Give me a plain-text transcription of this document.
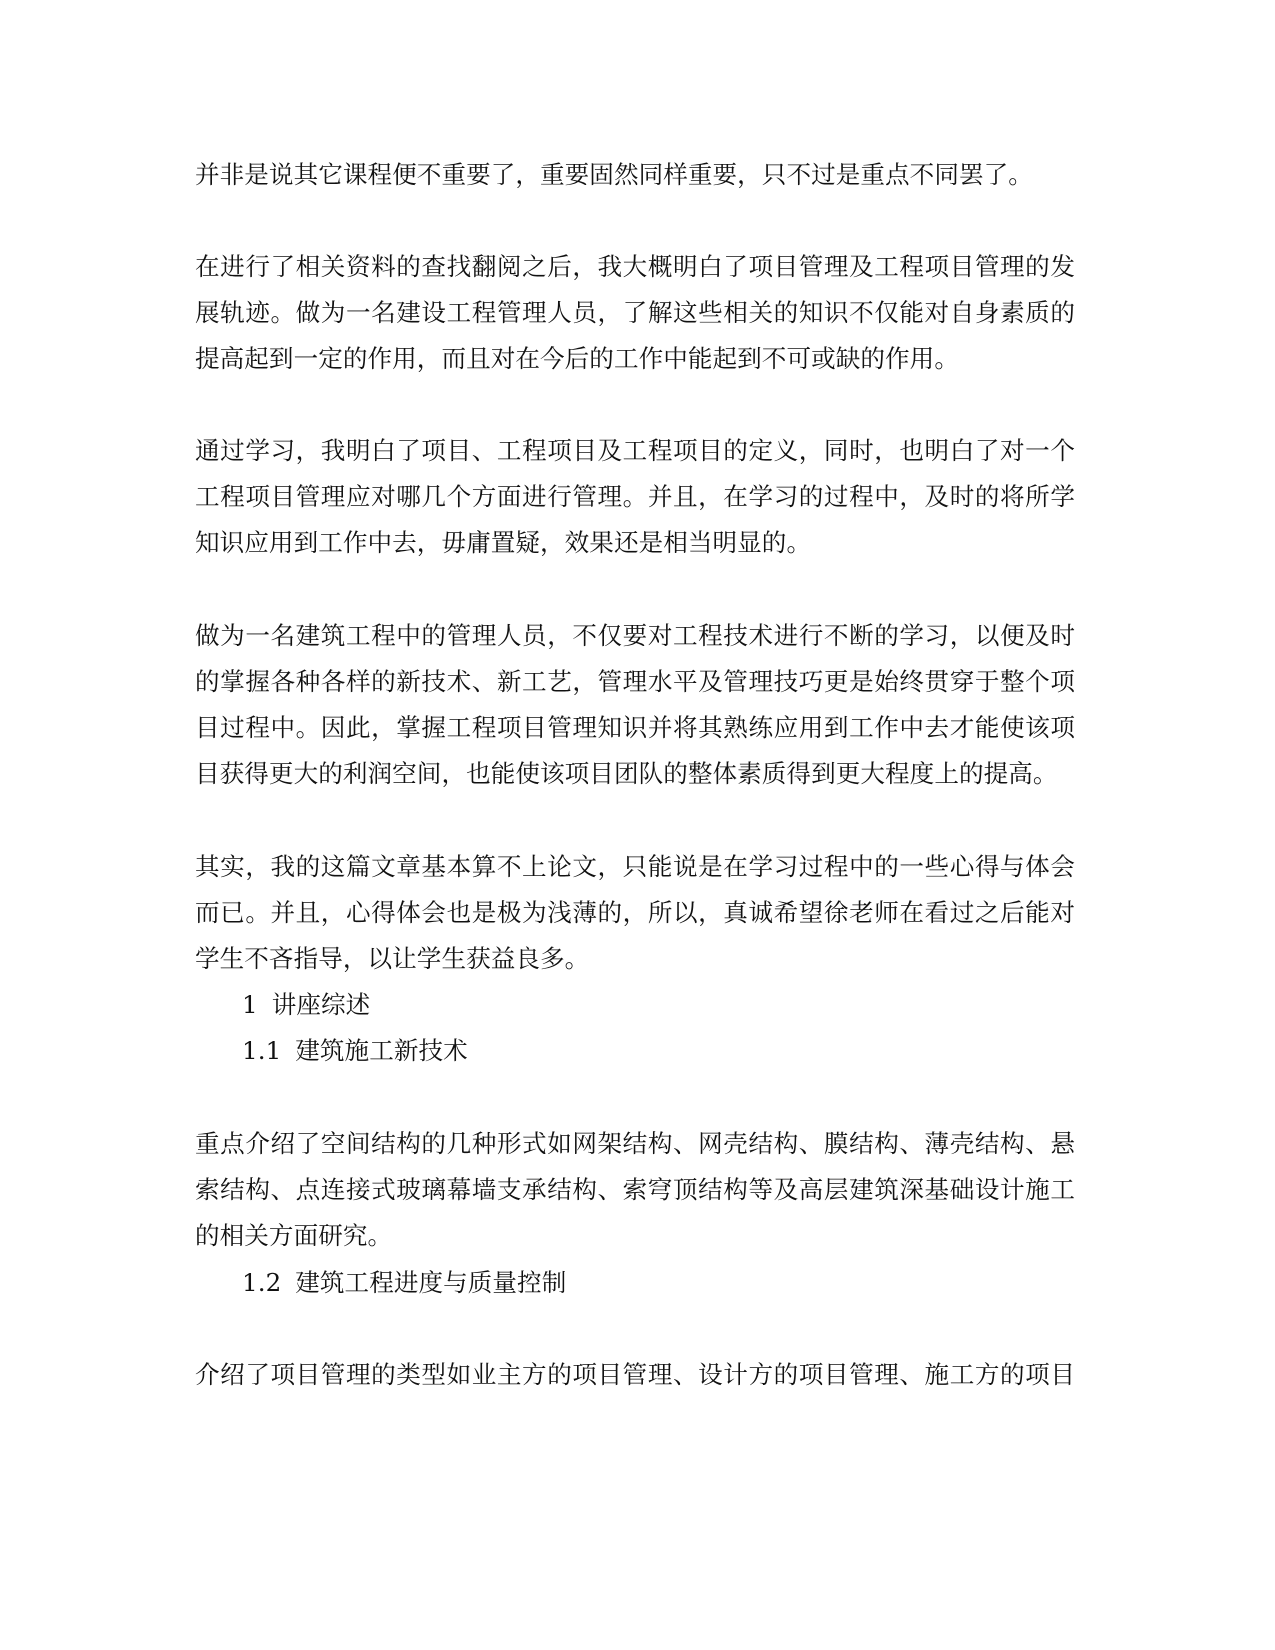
并非是说其它课程便不重要了，重要固然同样重要，只不过是重点不同罢了。
在进行了相关资料的查找翻阅之后，我大概明白了项目管理及工程项目管理的发
展轨迹。做为一名建设工程管理人员，了解这些相关的知识不仅能对自身素质的
提高起到一定的作用，而且对在今后的工作中能起到不可或缺的作用。
通过学习，我明白了项目、工程项目及工程项目的定义，同时，也明白了对一个
工程项目管理应对哪几个方面进行管理。并且，在学习的过程中，及时的将所学
知识应用到工作中去，毋庸置疑，效果还是相当明显的。
做为一名建筑工程中的管理人员，不仅要对工程技术进行不断的学习，以便及时
的掌握各种各样的新技术、新工艺，管理水平及管理技巧更是始终贯穿于整个项
目过程中。因此，掌握工程项目管理知识并将其熟练应用到工作中去才能使该项
目获得更大的利润空间，也能使该项目团队的整体素质得到更大程度上的提高。
其实，我的这篇文章基本算不上论文，只能说是在学习过程中的一些心得与体会
而已。并且，心得体会也是极为浅薄的，所以，真诚希望徐老师在看过之后能对
学生不吝指导，以让学生获益良多。
1 讲座综述
1.1 建筑施工新技术
重点介绍了空间结构的几种形式如网架结构、网壳结构、膜结构、薄壳结构、悬
索结构、点连接式玻璃幕墙支承结构、索穹顶结构等及高层建筑深基础设计施工
的相关方面研究。
1.2 建筑工程进度与质量控制
介绍了项目管理的类型如业主方的项目管理、设计方的项目管理、施工方的项目
